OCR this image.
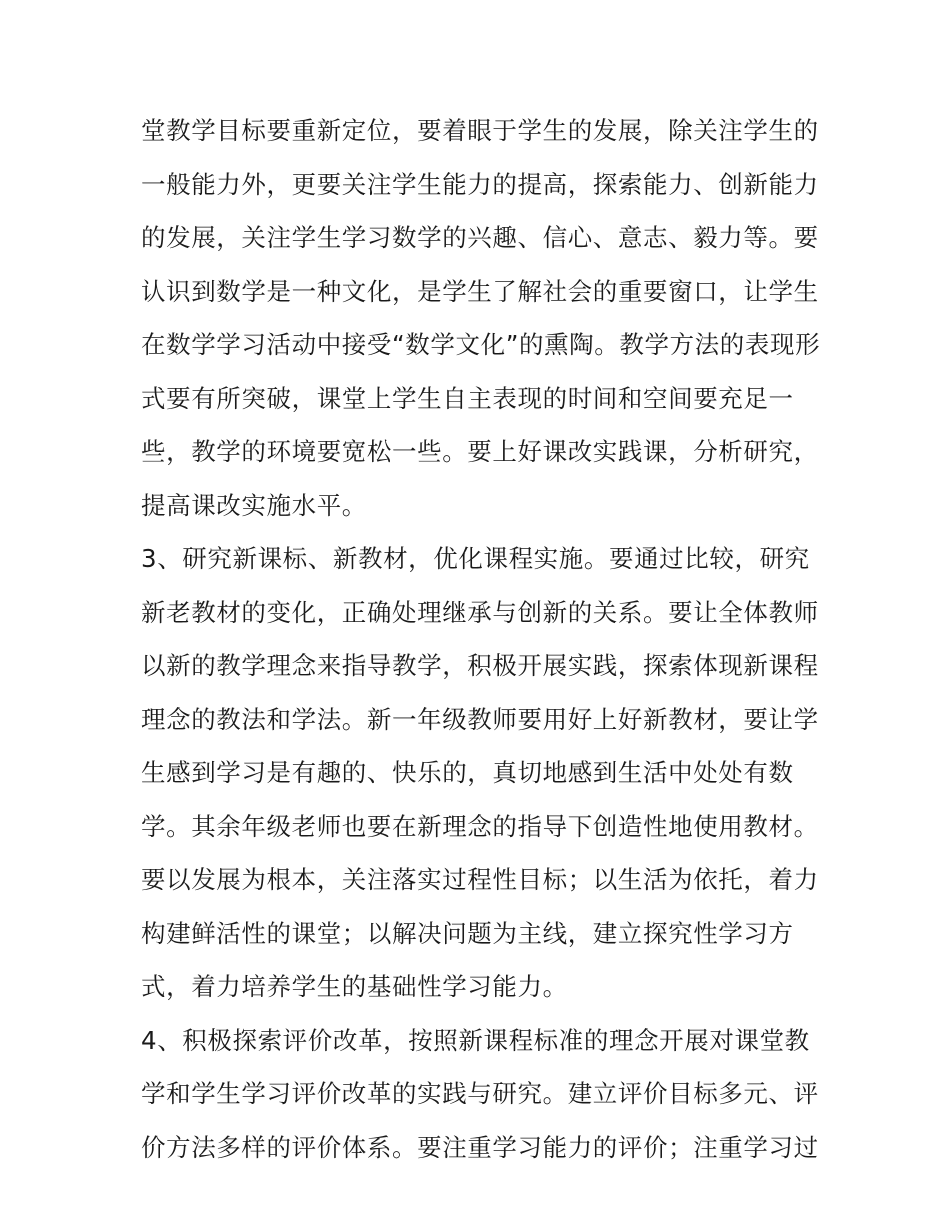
堂教学目标要重新定位，要着眼于学生的发展，除关注学生的
一般能力外，更要关注学生能力的提高，探索能力、创新能力
的发展，关注学生学习数学的兴趣、信心、意志、毅力等。要
认识到数学是一种文化，是学生了解社会的重要窗口，让学生
在数学学习活动中接受“数学文化”的熏陶。教学方法的表现形
式要有所突破，课堂上学生自主表现的时间和空间要充足一
些，教学的环境要宽松一些。要上好课改实践课，分析研究，
提高课改实施水平。
3、研究新课标、新教材，优化课程实施。要通过比较，研究
新老教材的变化，正确处理继承与创新的关系。要让全体教师
以新的教学理念来指导教学，积极开展实践，探索体现新课程
理念的教法和学法。新一年级教师要用好上好新教材，要让学
生感到学习是有趣的、快乐的，真切地感到生活中处处有数
学。其余年级老师也要在新理念的指导下创造性地使用教材。
要以发展为根本，关注落实过程性目标；以生活为依托，着力
构建鲜活性的课堂；以解决问题为主线，建立探究性学习方
式，着力培养学生的基础性学习能力。
4、积极探索评价改革，按照新课程标准的理念开展对课堂教
学和学生学习评价改革的实践与研究。建立评价目标多元、评
价方法多样的评价体系。要注重学习能力的评价；注重学习过
